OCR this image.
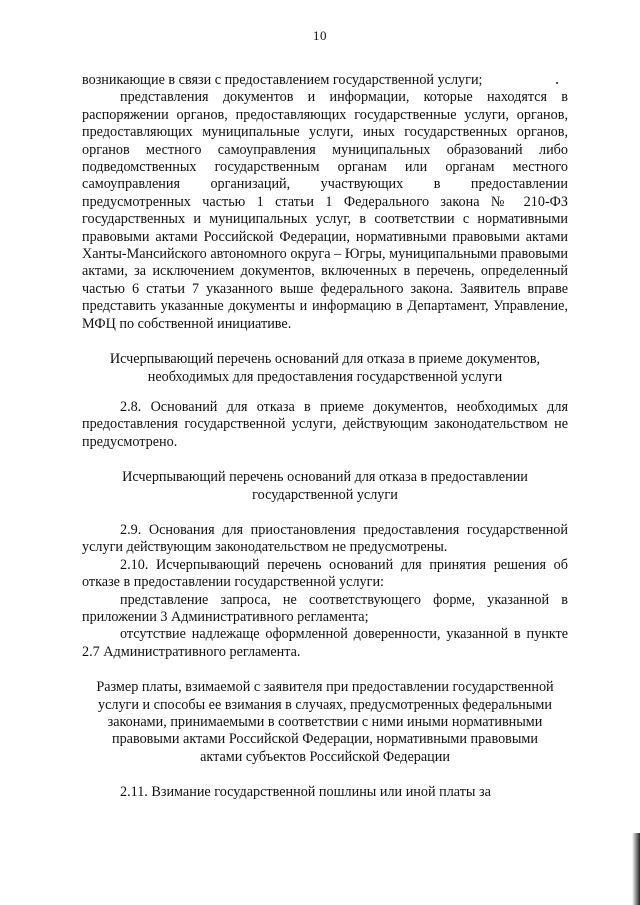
10

возникающие в связи с предоставлением государственной услуги;

представления документов и информации, которые находятся в распоряжении органов, предоставляющих государственные услуги, органов, предоставляющих муниципальные услуги, иных государственных органов, органов местного самоуправления муниципальных образований либо подведомственных государственным органам или органам местного самоуправления организаций, участвующих в предоставлении предусмотренных частью 1 статьи 1 Федерального закона № 210-ФЗ государственных и муниципальных услуг, в соответствии с нормативными правовыми актами Российской Федерации, нормативными правовыми актами Ханты-Мансийского автономного округа – Югры, муниципальными правовыми актами, за исключением документов, включенных в перечень, определенный частью 6 статьи 7 указанного выше федерального закона. Заявитель вправе представить указанные документы и информацию в Департамент, Управление, МФЦ по собственной инициативе.

Исчерпывающий перечень оснований для отказа в приеме документов, необходимых для предоставления государственной услуги

2.8. Оснований для отказа в приеме документов, необходимых для предоставления государственной услуги, действующим законодательством не предусмотрено.

Исчерпывающий перечень оснований для отказа в предоставлении государственной услуги

2.9. Основания для приостановления предоставления государственной услуги действующим законодательством не предусмотрены.

2.10. Исчерпывающий перечень оснований для принятия решения об отказе в предоставлении государственной услуги:

представление запроса, не соответствующего форме, указанной в приложении 3 Административного регламента;

отсутствие надлежаще оформленной доверенности, указанной в пункте 2.7 Административного регламента.

Размер платы, взимаемой с заявителя при предоставлении государственной услуги и способы ее взимания в случаях, предусмотренных федеральными законами, принимаемыми в соответствии с ними иными нормативными правовыми актами Российской Федерации, нормативными правовыми актами субъектов Российской Федерации

2.11. Взимание государственной пошлины или иной платы за
